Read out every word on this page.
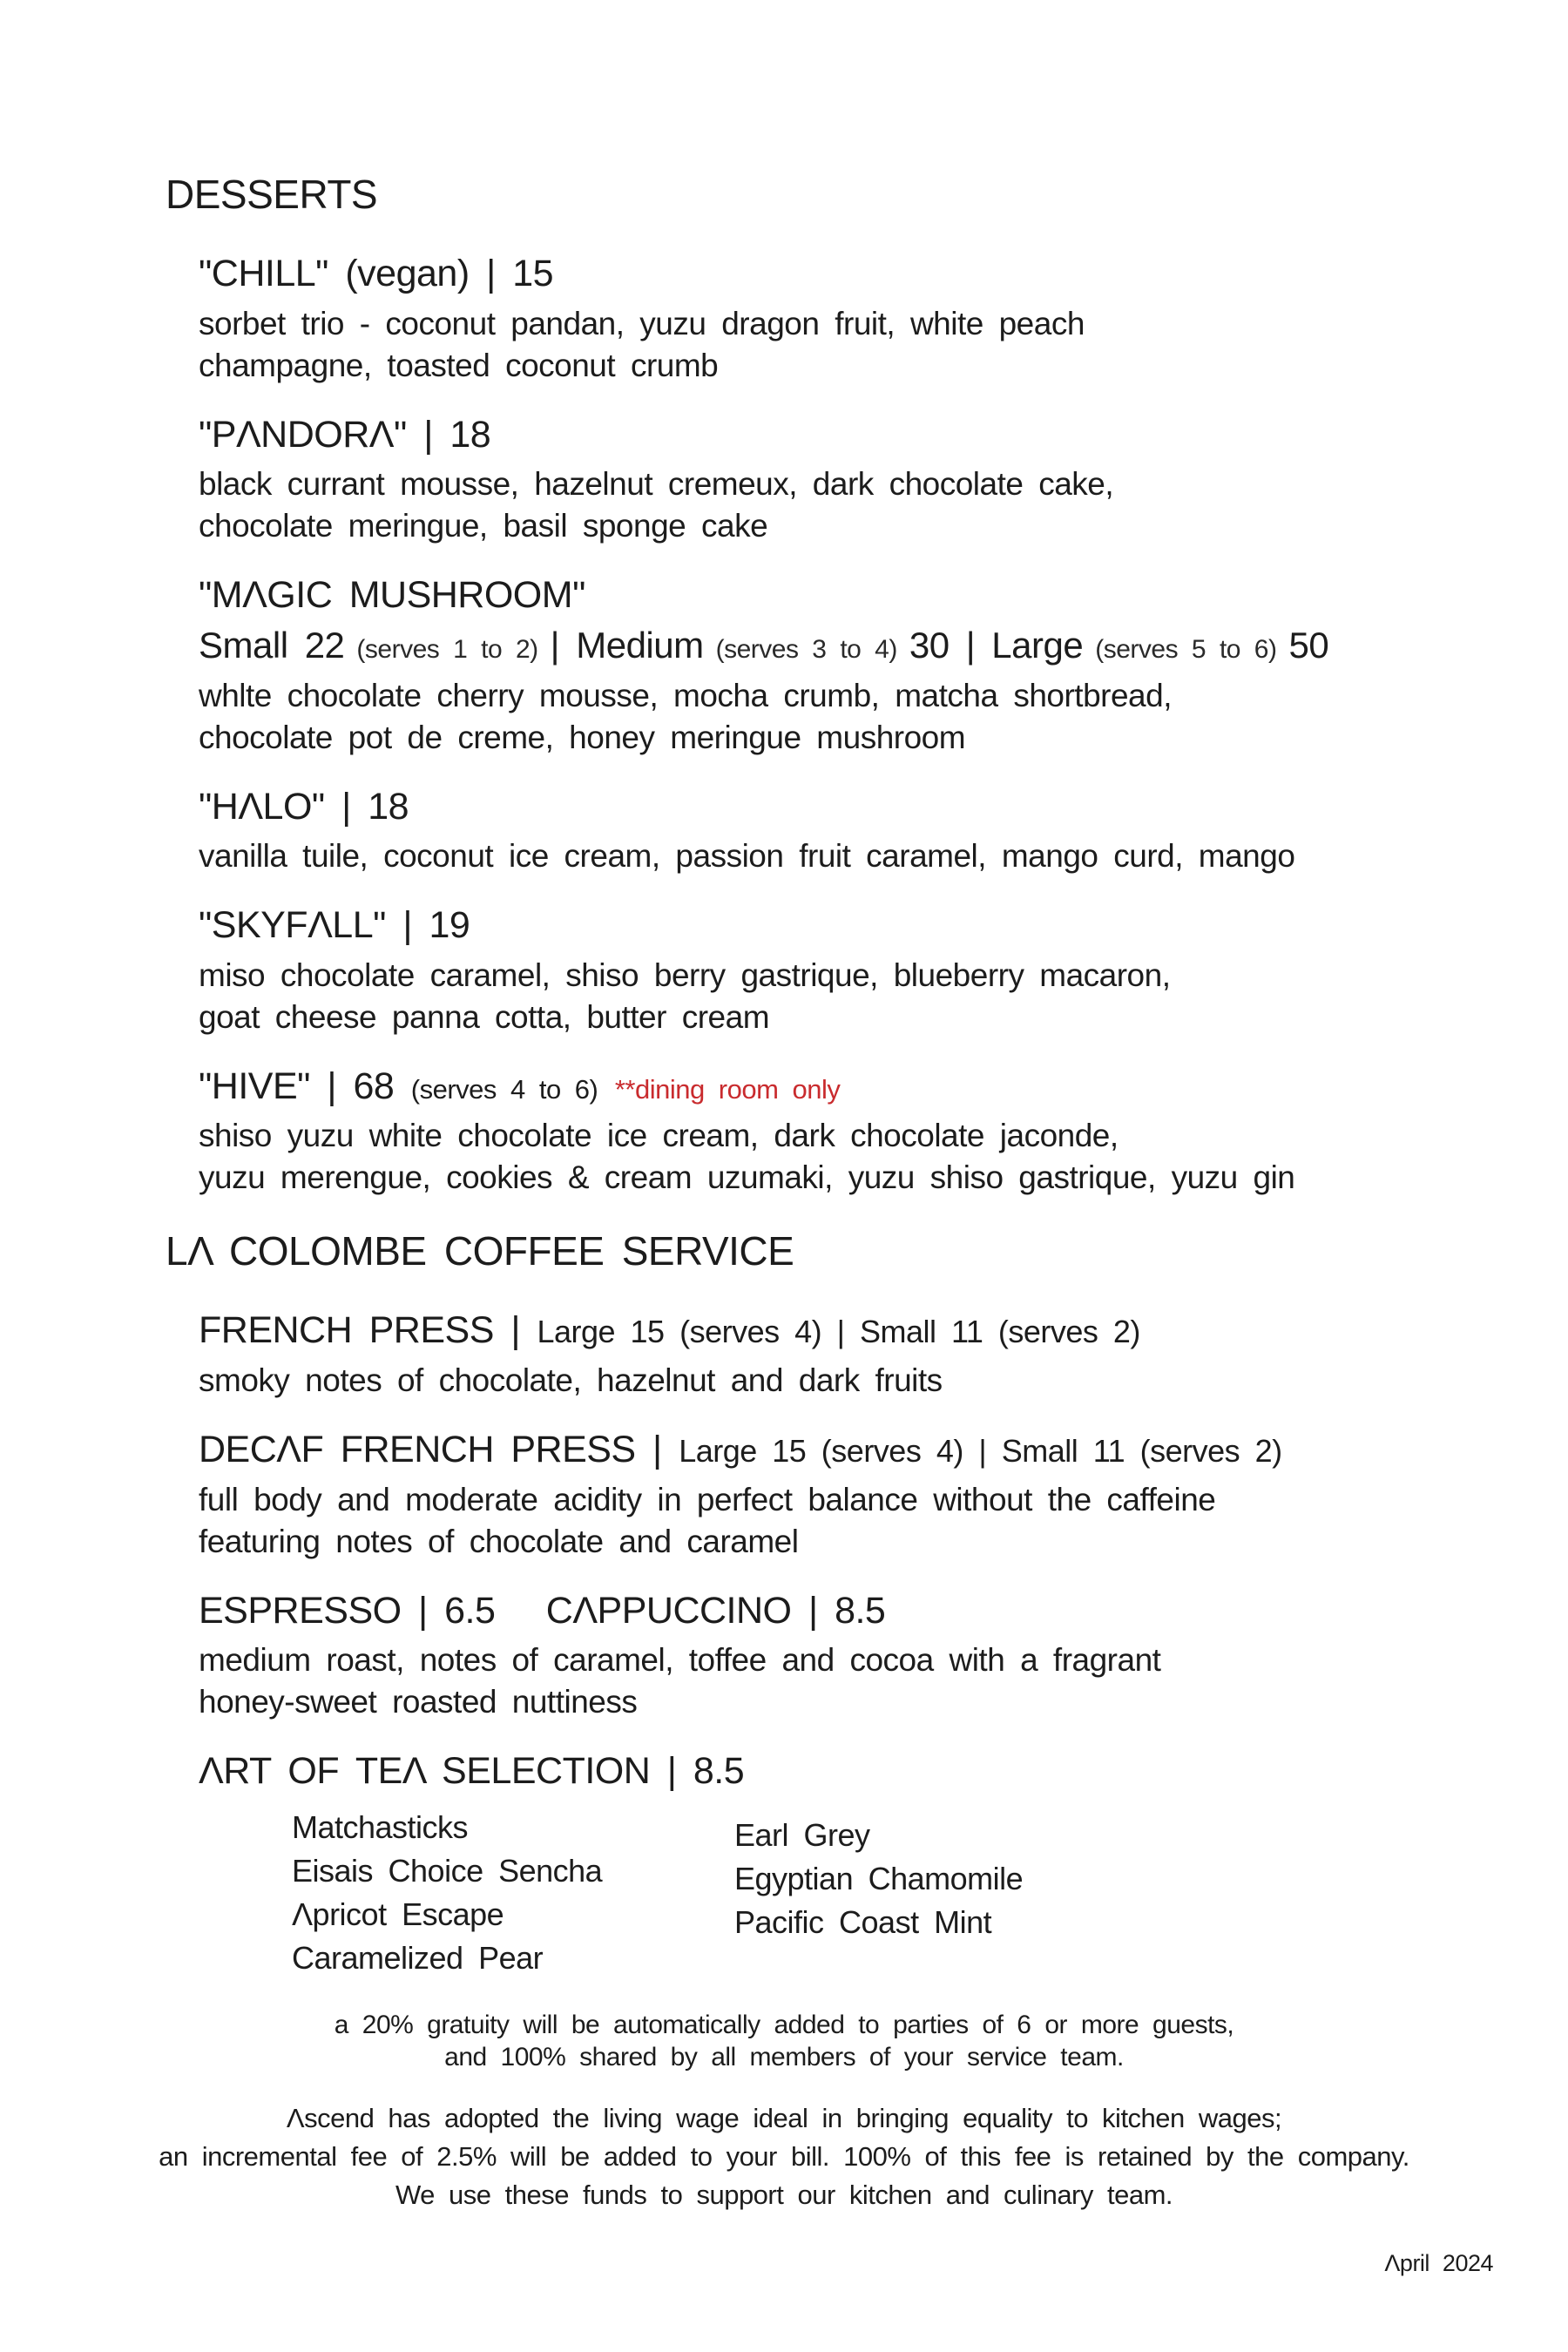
DESSERTS
"CHILL" (vegan) | 15
sorbet trio - coconut pandan, yuzu dragon fruit, white peach
champagne, toasted coconut crumb
"PΛNDORΛ" | 18
black currant mousse, hazelnut cremeux, dark chocolate cake,
chocolate meringue, basil sponge cake
"MΛGIC MUSHROOM"
Small 22 (serves 1 to 2) | Medium (serves 3 to 4) 30 | Large (serves 5 to 6) 50
whlte chocolate cherry mousse, mocha crumb, matcha shortbread,
chocolate pot de creme, honey meringue mushroom
"HΛLO" | 18
vanilla tuile, coconut ice cream, passion fruit caramel, mango curd, mango
"SKYFΛLL" | 19
miso chocolate caramel, shiso berry gastrique, blueberry macaron,
goat cheese panna cotta, butter cream
"HIVE" | 68 (serves 4 to 6) **dining room only
shiso yuzu white chocolate ice cream, dark chocolate jaconde,
yuzu merengue, cookies & cream uzumaki, yuzu shiso gastrique, yuzu gin
LΛ COLOMBE COFFEE SERVICE
FRENCH PRESS | Large 15 (serves 4) | Small 11 (serves 2)
smoky notes of chocolate, hazelnut and dark fruits
DECΛF FRENCH PRESS | Large 15 (serves 4) | Small 11 (serves 2)
full body and moderate acidity in perfect balance without the caffeine
featuring notes of chocolate and caramel
ESPRESSO | 6.5   CΛPPUCCINO | 8.5
medium roast, notes of caramel, toffee and cocoa with a fragrant
honey-sweet roasted nuttiness
ΛRT OF TEΛ SELECTION | 8.5
Matchasticks
Eisais Choice Sencha
Λpricot Escape
Caramelized Pear
Earl Grey
Egyptian Chamomile
Pacific Coast Mint
a 20% gratuity will be automatically added to parties of 6 or more guests,
and 100% shared by all members of your service team.
Λscend has adopted the living wage ideal in bringing equality to kitchen wages;
an incremental fee of 2.5% will be added to your bill. 100% of this fee is retained by the company.
We use these funds to support our kitchen and culinary team.
Λpril 2024
